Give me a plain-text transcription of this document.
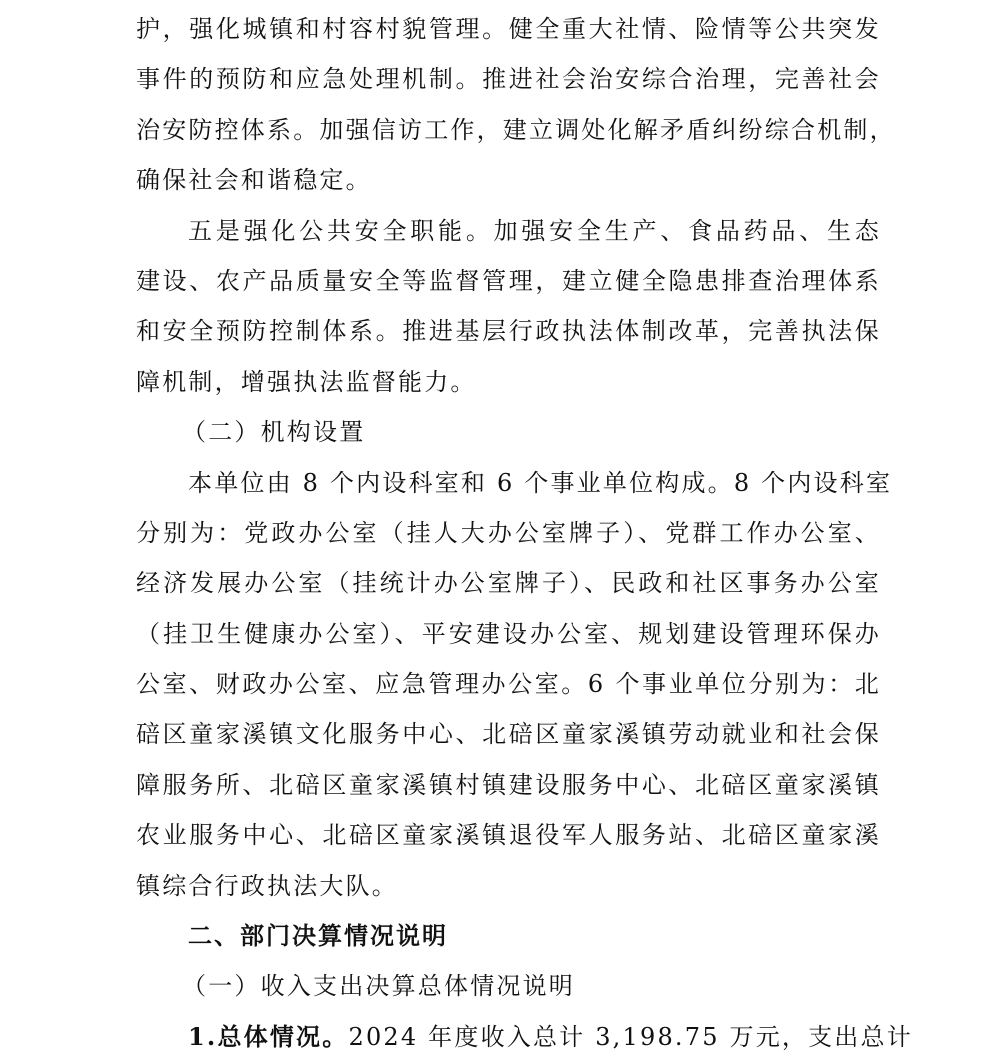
护，强化城镇和村容村貌管理。健全重大社情、险情等公共突发
事件的预防和应急处理机制。推进社会治安综合治理，完善社会
治安防控体系。加强信访工作，建立调处化解矛盾纠纷综合机制，
确保社会和谐稳定。
五是强化公共安全职能。加强安全生产、食品药品、生态
建设、农产品质量安全等监督管理，建立健全隐患排查治理体系
和安全预防控制体系。推进基层行政执法体制改革，完善执法保
障机制，增强执法监督能力。
（二）机构设置
本单位由 8 个内设科室和 6 个事业单位构成。8 个内设科室
分别为：党政办公室（挂人大办公室牌子）、党群工作办公室、
经济发展办公室（挂统计办公室牌子）、民政和社区事务办公室
（挂卫生健康办公室）、平安建设办公室、规划建设管理环保办
公室、财政办公室、应急管理办公室。6 个事业单位分别为：北
碚区童家溪镇文化服务中心、北碚区童家溪镇劳动就业和社会保
障服务所、北碚区童家溪镇村镇建设服务中心、北碚区童家溪镇
农业服务中心、北碚区童家溪镇退役军人服务站、北碚区童家溪
镇综合行政执法大队。
二、部门决算情况说明
（一）收入支出决算总体情况说明
1.总体情况。2024 年度收入总计 3,198.75 万元，支出总计
